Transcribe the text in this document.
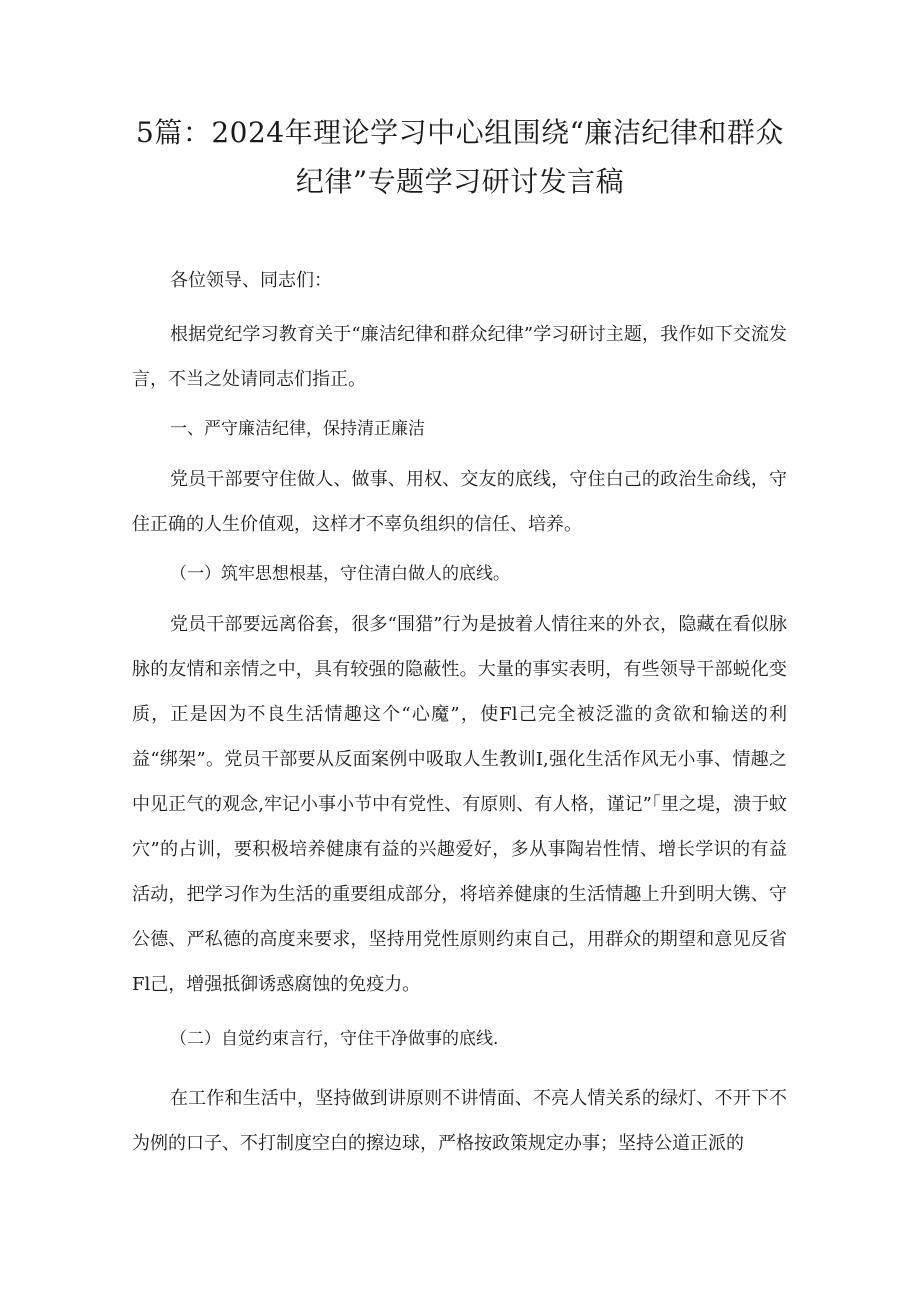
5篇：2024年理论学习中心组围绕“廉洁纪律和群众
纪律”专题学习研讨发言稿

各位领导、同志们：

根据党纪学习教育关于“廉洁纪律和群众纪律”学习研讨主题，我作如下交流发言，不当之处请同志们指正。

一、严守廉洁纪律，保持清正廉洁

党员干部要守住做人、做事、用权、交友的底线，守住白己的政治生命线，守住正确的人生价值观，这样才不辜负组织的信任、培养。

（一）筑牢思想根基，守住清白做人的底线。

党员干部要远离俗套，很多“围猎”行为是披着人情往来的外衣，隐藏在看似脉脉的友情和亲情之中，具有较强的隐蔽性。大量的事实表明，有些领导干部蜕化变质，正是因为不良生活情趣这个“心魔”，使Fl己完全被泛滥的贪欲和输送的利益“绑架”。党员干部要从反面案例中吸取人生教训I,强化生活作风无小事、情趣之中见正气的观念,牢记小事小节中有党性、有原则、有人格，谨记”「里之堤，溃于蚊穴”的占训，要积极培养健康有益的兴趣爱好，多从事陶岩性情、增长学识的有益活动，把学习作为生活的重要组成部分，将培养健康的生活情趣上升到明大镌、守公德、严私德的高度来要求，坚持用党性原则约束自己，用群众的期望和意见反省Fl己，增强抵御诱惑腐蚀的免疫力。

（二）自觉约束言行，守住干净做事的底线.

在工作和生活中，坚持做到讲原则不讲情面、不亮人情关系的绿灯、不开下不为例的口子、不打制度空白的擦边球，严格按政策规定办事；坚持公道正派的
